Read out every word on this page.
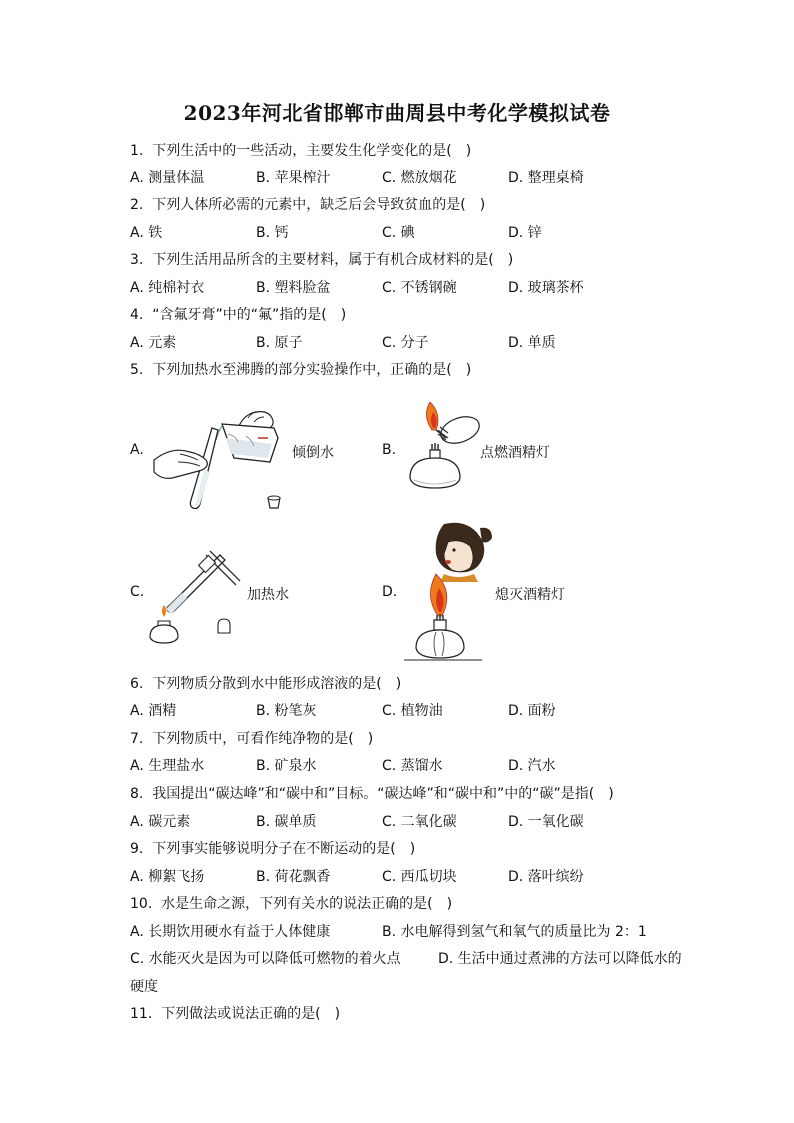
2023年河北省邯郸市曲周县中考化学模拟试卷
1. 下列生活中的一些活动，主要发生化学变化的是(　)
A. 测量体温	B. 苹果榨汁	C. 燃放烟花	D. 整理桌椅
2. 下列人体所必需的元素中，缺乏后会导致贫血的是(　)
A. 铁	B. 钙	C. 碘	D. 锌
3. 下列生活用品所含的主要材料，属于有机合成材料的是(　)
A. 纯棉衬衣	B. 塑料脸盆	C. 不锈钢碗	D. 玻璃茶杯
4. “含氟牙膏”中的“氟”指的是(　)
A. 元素	B. 原子	C. 分子	D. 单质
5. 下列加热水至沸腾的部分实验操作中，正确的是(　)
A.	倾倒水	B.	点燃酒精灯
C.	加热水	D.	熄灭酒精灯
6. 下列物质分散到水中能形成溶液的是(　)
A. 酒精	B. 粉笔灰	C. 植物油	D. 面粉
7. 下列物质中，可看作纯净物的是(　)
A. 生理盐水	B. 矿泉水	C. 蒸馏水	D. 汽水
8. 我国提出“碳达峰”和“碳中和”目标。“碳达峰”和“碳中和”中的“碳”是指(　)
A. 碳元素	B. 碳单质	C. 二氧化碳	D. 一氧化碳
9. 下列事实能够说明分子在不断运动的是(　)
A. 柳絮飞扬	B. 荷花飘香	C. 西瓜切块	D. 落叶缤纷
10. 水是生命之源，下列有关水的说法正确的是(　)
A. 长期饮用硬水有益于人体健康	B. 水电解得到氢气和氧气的质量比为 2：1
C. 水能灭火是因为可以降低可燃物的着火点	D. 生活中通过煮沸的方法可以降低水的
硬度
11. 下列做法或说法正确的是(　)
